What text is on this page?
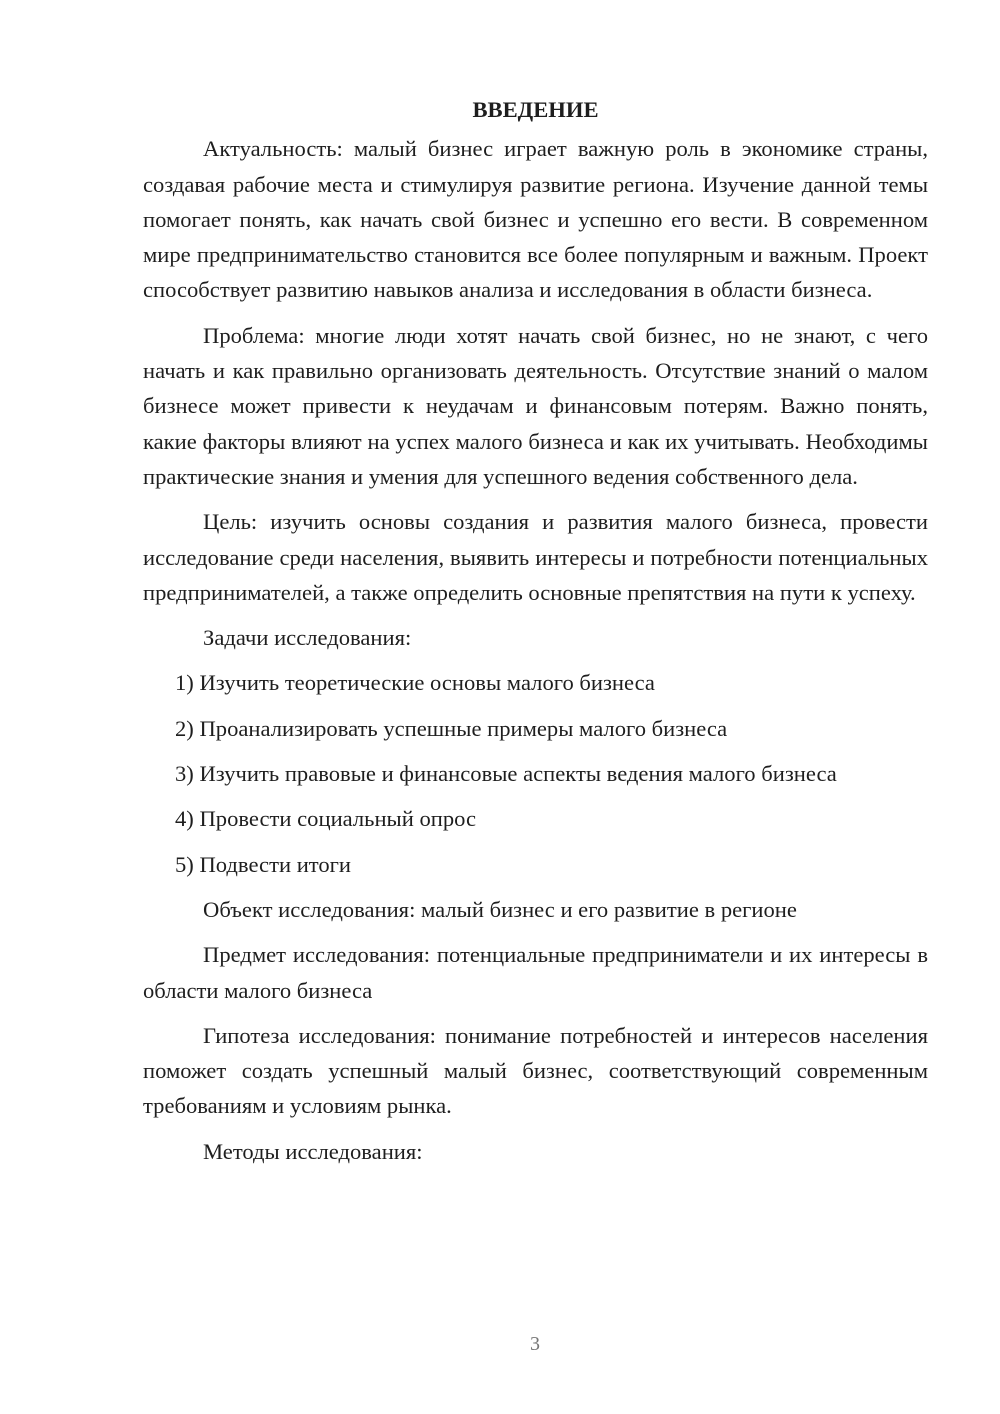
ВВЕДЕНИЕ

Актуальность: малый бизнес играет важную роль в экономике страны, создавая рабочие места и стимулируя развитие региона. Изучение данной темы помогает понять, как начать свой бизнес и успешно его вести. В современном мире предпринимательство становится все более популярным и важным. Проект способствует развитию навыков анализа и исследования в области бизнеса.

Проблема: многие люди хотят начать свой бизнес, но не знают, с чего начать и как правильно организовать деятельность. Отсутствие знаний о малом бизнесе может привести к неудачам и финансовым потерям. Важно понять, какие факторы влияют на успех малого бизнеса и как их учитывать. Необходимы практические знания и умения для успешного ведения собственного дела.

Цель: изучить основы создания и развития малого бизнеса, провести исследование среди населения, выявить интересы и потребности потенциальных предпринимателей, а также определить основные препятствия на пути к успеху.

Задачи исследования:

1) Изучить теоретические основы малого бизнеса

2) Проанализировать успешные примеры малого бизнеса

3) Изучить правовые и финансовые аспекты ведения малого бизнеса

4) Провести социальный опрос

5) Подвести итоги

Объект исследования: малый бизнес и его развитие в регионе

Предмет исследования: потенциальные предприниматели и их интересы в области малого бизнеса

Гипотеза исследования: понимание потребностей и интересов населения поможет создать успешный малый бизнес, соответствующий современным требованиям и условиям рынка.

Методы исследования:

3
